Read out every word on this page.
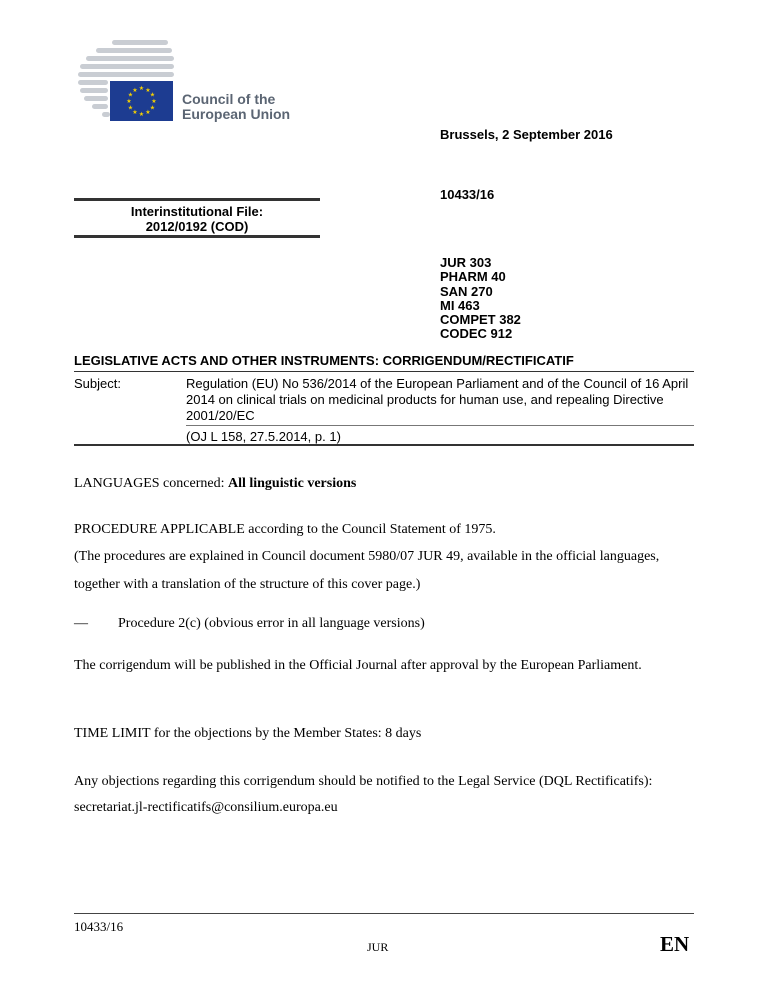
★ ★
★
★
★
★
★
★
★
★
★
★
Council of the
European Union
Brussels, 2 September 2016
10433/16
Interinstitutional File:
2012/0192 (COD)
JUR 303
PHARM 40
SAN 270
MI 463
COMPET 382
CODEC 912
LEGISLATIVE ACTS AND OTHER INSTRUMENTS: CORRIGENDUM/RECTIFICATIF
Subject:	Regulation (EU) No 536/2014 of the European Parliament and of the Council of 16 April 2014 on clinical trials on medicinal products for human use, and repealing Directive 2001/20/EC
(OJ L 158, 27.5.2014, p. 1)
LANGUAGES concerned: All linguistic versions
PROCEDURE APPLICABLE according to the Council Statement of 1975.
(The procedures are explained in Council document 5980/07 JUR 49, available in the official languages, together with a translation of the structure of this cover page.)
— Procedure 2(c) (obvious error in all language versions)
The corrigendum will be published in the Official Journal after approval by the European Parliament.
TIME LIMIT for the objections by the Member States: 8 days
Any objections regarding this corrigendum should be notified to the Legal Service (DQL Rectificatifs): secretariat.jl-rectificatifs@consilium.europa.eu
10433/16
JUR	EN
